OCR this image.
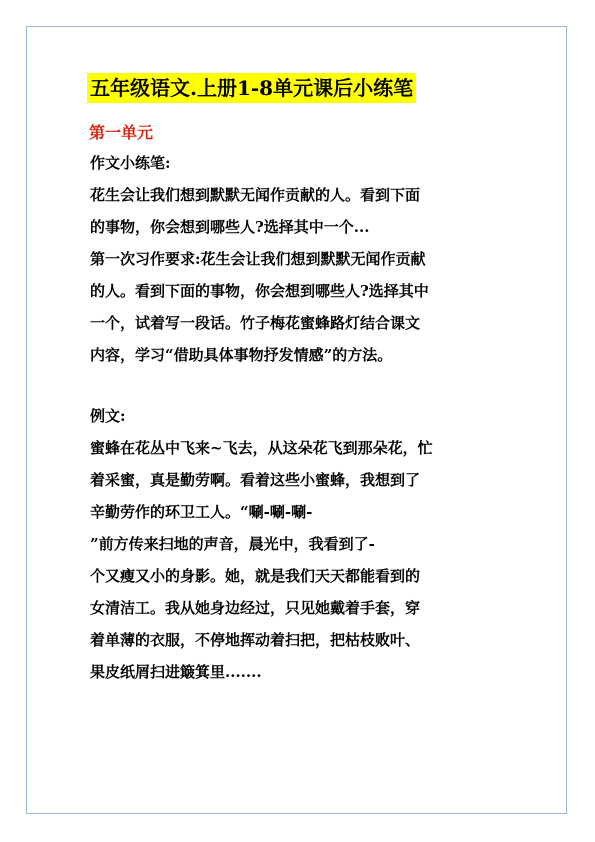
五年级语文.上册1-8单元课后小练笔
第一单元
作文小练笔:
花生会让我们想到默默无闻作贡献的人。看到下面
的事物，你会想到哪些人?选择其中一个...
第一次习作要求:花生会让我们想到默默无闻作贡献
的人。看到下面的事物，你会想到哪些人?选择其中
一个，试着写一段话。竹子梅花蜜蜂路灯结合课文
内容，学习“借助具体事物抒发情感”的方法。
例文:
蜜蜂在花丛中飞来~飞去，从这朵花飞到那朵花，忙
着采蜜，真是勤劳啊。看着这些小蜜蜂，我想到了
辛勤劳作的环卫工人。“唰-唰-唰-
”前方传来扫地的声音，晨光中，我看到了-
个又瘦又小的身影。她，就是我们天天都能看到的
女清洁工。我从她身边经过，只见她戴着手套，穿
着单薄的衣服，不停地挥动着扫把，把枯枝败叶、
果皮纸屑扫进簸箕里.......
